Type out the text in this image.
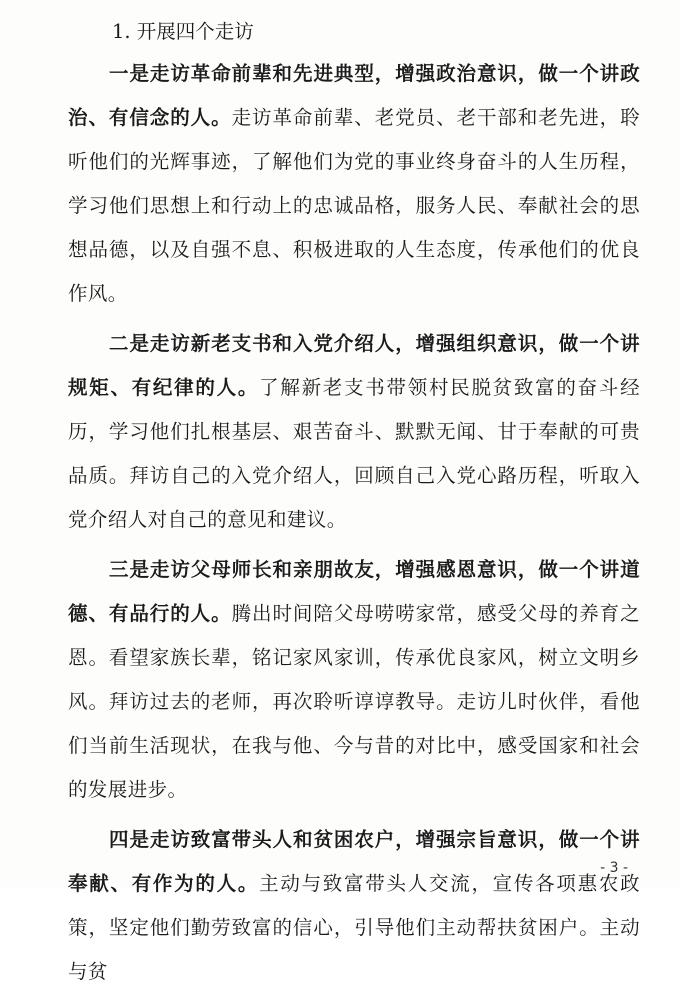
1. 开展四个走访

一是走访革命前辈和先进典型，增强政治意识，做一个讲政治、有信念的人。走访革命前辈、老党员、老干部和老先进，聆听他们的光辉事迹，了解他们为党的事业终身奋斗的人生历程，学习他们思想上和行动上的忠诚品格，服务人民、奉献社会的思想品德，以及自强不息、积极进取的人生态度，传承他们的优良作风。

二是走访新老支书和入党介绍人，增强组织意识，做一个讲规矩、有纪律的人。了解新老支书带领村民脱贫致富的奋斗经历，学习他们扎根基层、艰苦奋斗、默默无闻、甘于奉献的可贵品质。拜访自己的入党介绍人，回顾自己入党心路历程，听取入党介绍人对自己的意见和建议。

三是走访父母师长和亲朋故友，增强感恩意识，做一个讲道德、有品行的人。腾出时间陪父母唠唠家常，感受父母的养育之恩。看望家族长辈，铭记家风家训，传承优良家风，树立文明乡风。拜访过去的老师，再次聆听谆谆教导。走访儿时伙伴，看他们当前生活现状，在我与他、今与昔的对比中，感受国家和社会的发展进步。

四是走访致富带头人和贫困农户，增强宗旨意识，做一个讲奉献、有作为的人。主动与致富带头人交流，宣传各项惠农政策，坚定他们勤劳致富的信心，引导他们主动帮扶贫困户。主动与贫

- 3 -
